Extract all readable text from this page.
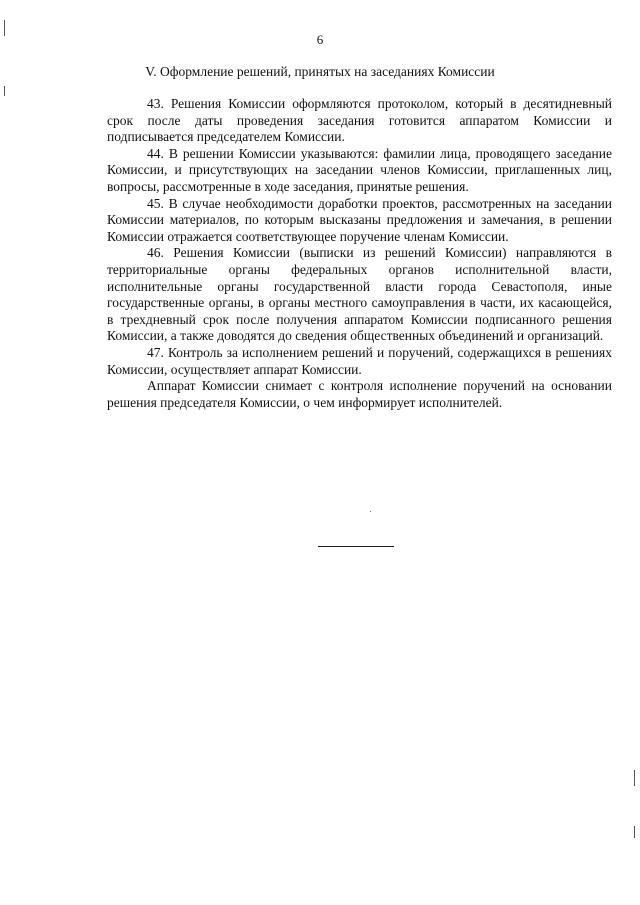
6
V. Оформление решений, принятых на заседаниях Комиссии

43. Решения Комиссии оформляются протоколом, который в десятидневный срок после даты проведения заседания готовится аппаратом Комиссии и подписывается председателем Комиссии.

44. В решении Комиссии указываются: фамилии лица, проводящего заседание Комиссии, и присутствующих на заседании членов Комиссии, приглашенных лиц, вопросы, рассмотренные в ходе заседания, принятые решения.

45. В случае необходимости доработки проектов, рассмотренных на заседании Комиссии материалов, по которым высказаны предложения и замечания, в решении Комиссии отражается соответствующее поручение членам Комиссии.

46. Решения Комиссии (выписки из решений Комиссии) направляются в территориальные органы федеральных органов исполнительной власти, исполнительные органы государственной власти города Севастополя, иные государственные органы, в органы местного самоуправления в части, их касающейся, в трехдневный срок после получения аппаратом Комиссии подписанного решения Комиссии, а также доводятся до сведения общественных объединений и организаций.

47. Контроль за исполнением решений и поручений, содержащихся в решениях Комиссии, осуществляет аппарат Комиссии.

Аппарат Комиссии снимает с контроля исполнение поручений на основании решения председателя Комиссии, о чем информирует исполнителей.
